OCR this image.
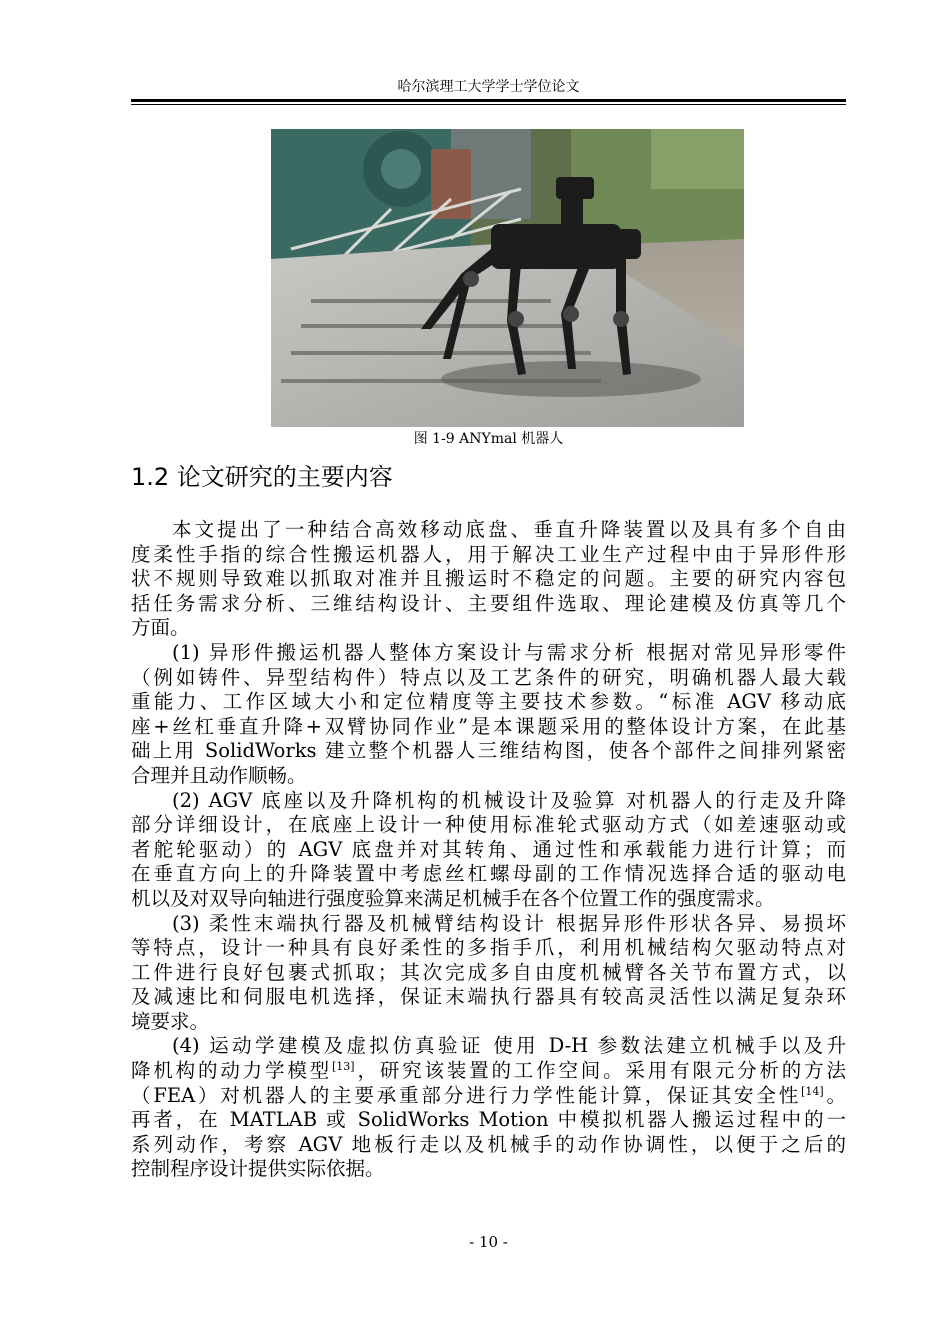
哈尔滨理工大学学士学位论文
图 1-9 ANYmal 机器人
1.2 论文研究的主要内容
本文提出了一种结合高效移动底盘、垂直升降装置以及具有多个自由
度柔性手指的综合性搬运机器人，用于解决工业生产过程中由于异形件形
状不规则导致难以抓取对准并且搬运时不稳定的问题。主要的研究内容包
括任务需求分析、三维结构设计、主要组件选取、理论建模及仿真等几个
方面。
(1) 异形件搬运机器人整体方案设计与需求分析 根据对常见异形零件
（例如铸件、异型结构件）特点以及工艺条件的研究，明确机器人最大载
重能力、工作区域大小和定位精度等主要技术参数。“标准 AGV 移动底
座+丝杠垂直升降+双臂协同作业”是本课题采用的整体设计方案，在此基
础上用 SolidWorks 建立整个机器人三维结构图，使各个部件之间排列紧密
合理并且动作顺畅。
(2) AGV 底座以及升降机构的机械设计及验算 对机器人的行走及升降
部分详细设计，在底座上设计一种使用标准轮式驱动方式（如差速驱动或
者舵轮驱动）的 AGV 底盘并对其转角、通过性和承载能力进行计算；而
在垂直方向上的升降装置中考虑丝杠螺母副的工作情况选择合适的驱动电
机以及对双导向轴进行强度验算来满足机械手在各个位置工作的强度需求。
(3) 柔性末端执行器及机械臂结构设计 根据异形件形状各异、易损坏
等特点，设计一种具有良好柔性的多指手爪，利用机械结构欠驱动特点对
工件进行良好包裹式抓取；其次完成多自由度机械臂各关节布置方式，以
及减速比和伺服电机选择，保证末端执行器具有较高灵活性以满足复杂环
境要求。
(4) 运动学建模及虚拟仿真验证 使用 D-H 参数法建立机械手以及升
降机构的动力学模型[13]，研究该装置的工作空间。采用有限元分析的方法
（FEA）对机器人的主要承重部分进行力学性能计算，保证其安全性[14]。
再者，在 MATLAB 或 SolidWorks Motion 中模拟机器人搬运过程中的一
系列动作，考察 AGV 地板行走以及机械手的动作协调性，以便于之后的
控制程序设计提供实际依据。
- 10 -
